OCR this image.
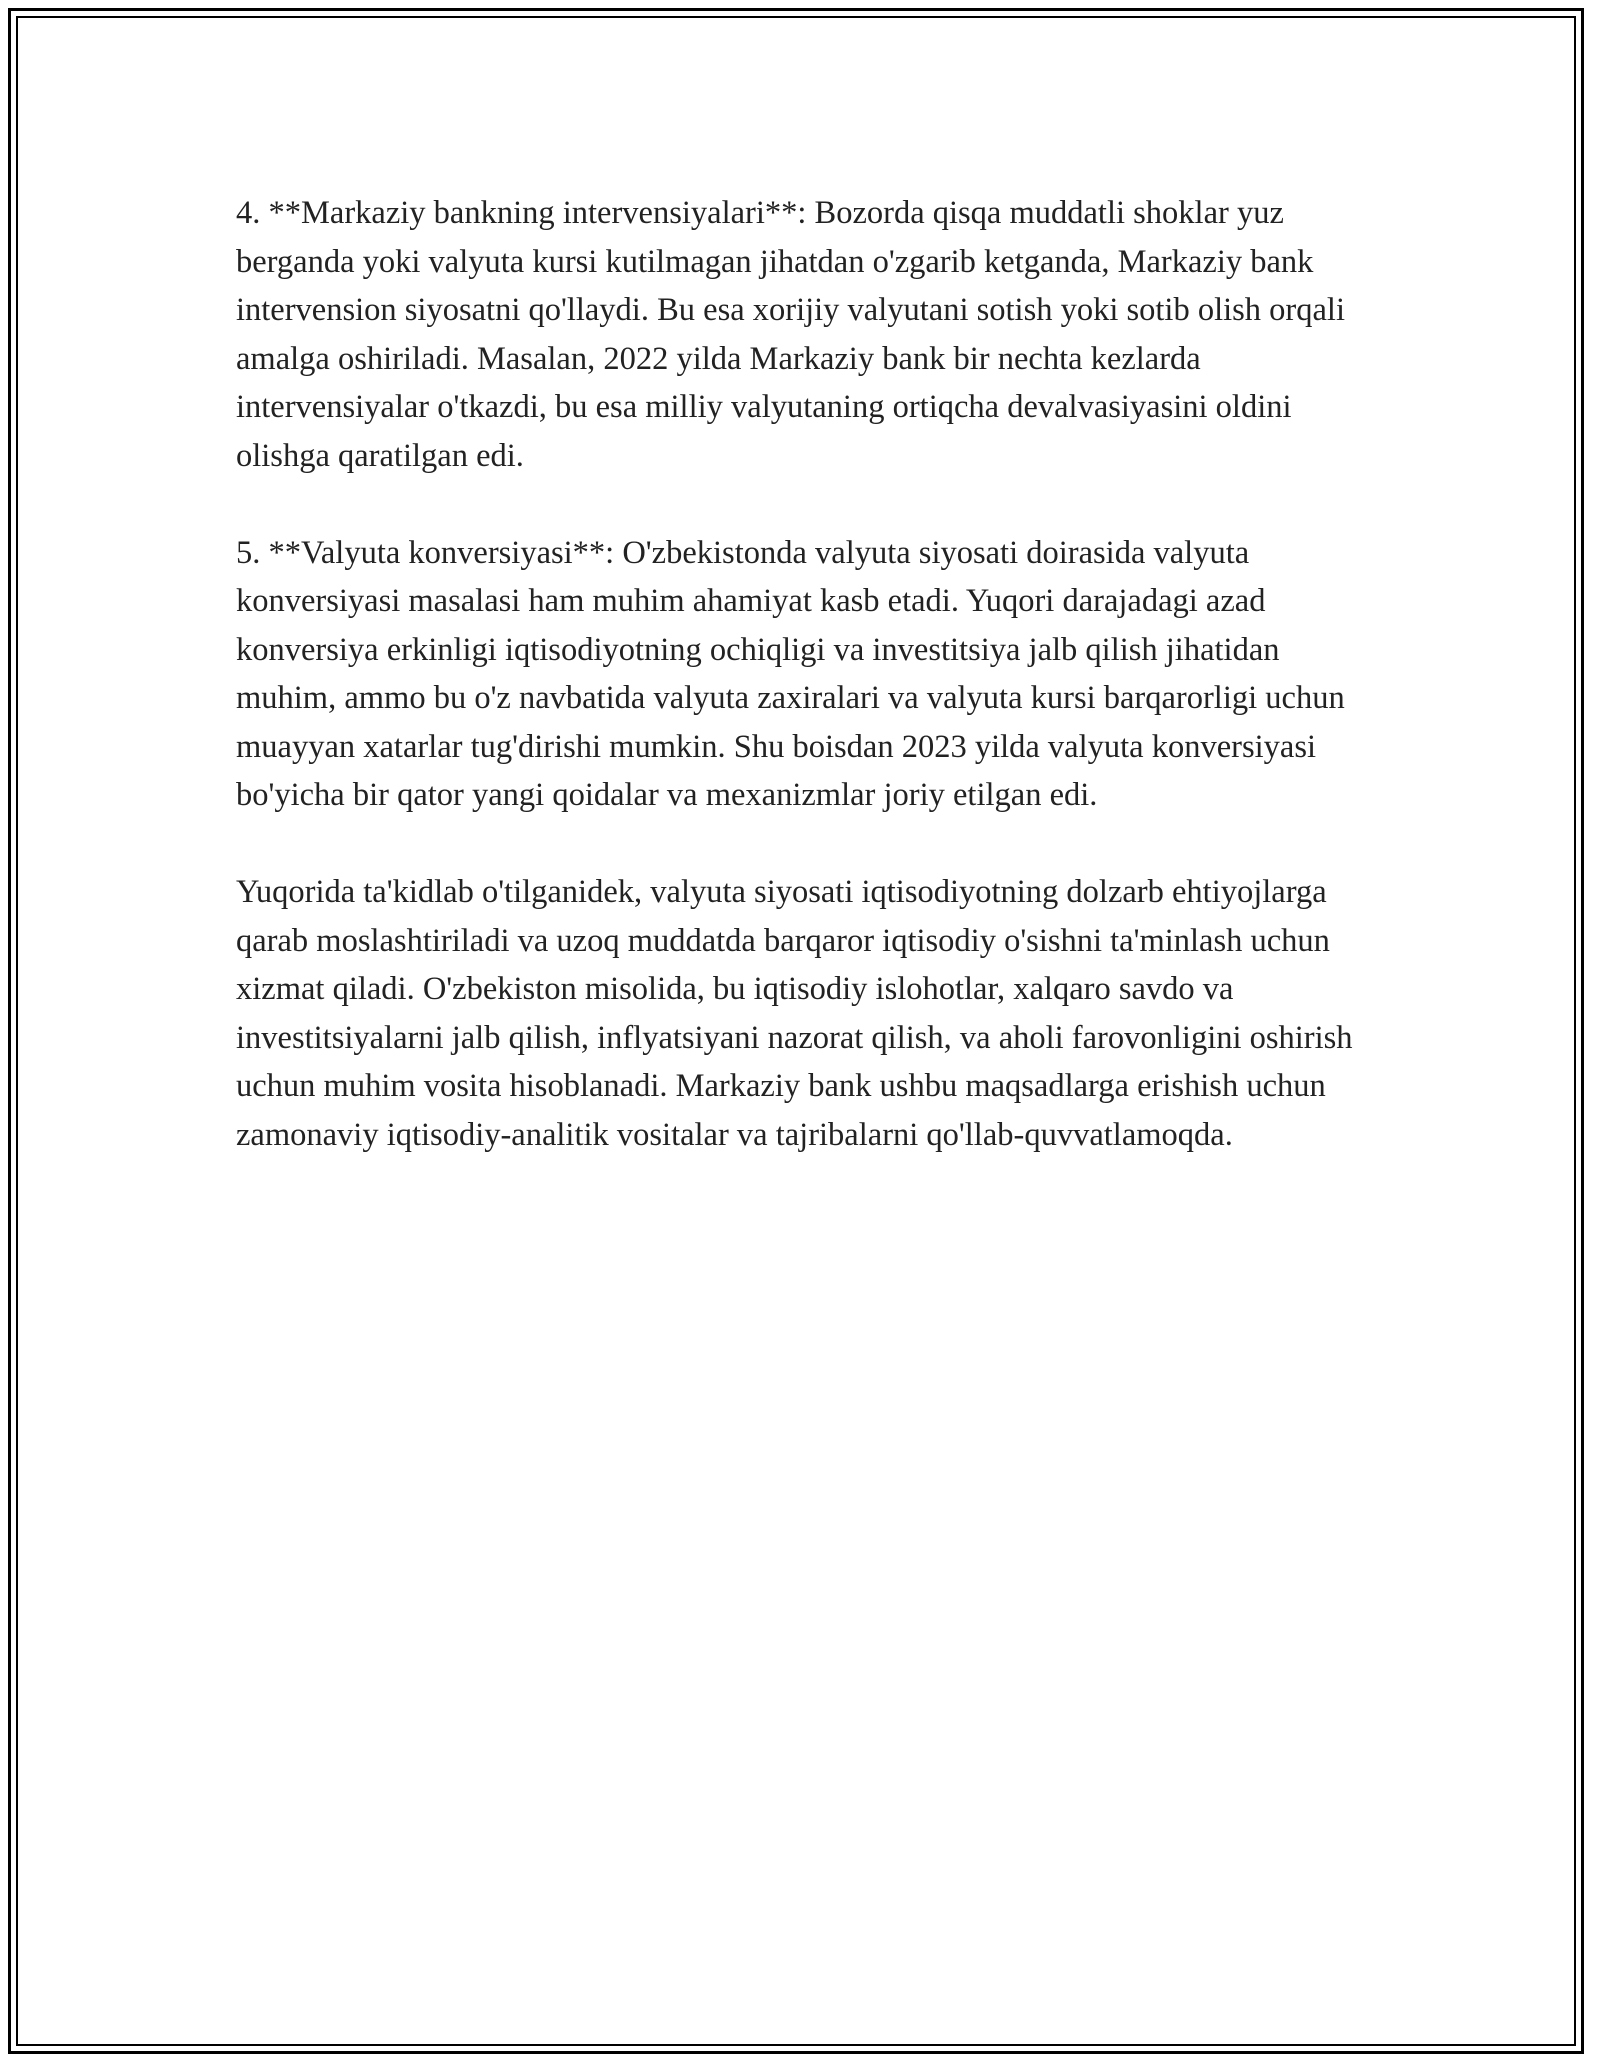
4. **Markaziy bankning intervensiyalari**: Bozorda qisqa muddatli shoklar yuz berganda yoki valyuta kursi kutilmagan jihatdan o'zgarib ketganda, Markaziy bank intervension siyosatni qo'llaydi. Bu esa xorijiy valyutani sotish yoki sotib olish orqali amalga oshiriladi. Masalan, 2022 yilda Markaziy bank bir nechta kezlarda intervensiyalar o'tkazdi, bu esa milliy valyutaning ortiqcha devalvasiyasini oldini olishga qaratilgan edi.

5. **Valyuta konversiyasi**: O'zbekistonda valyuta siyosati doirasida valyuta konversiyasi masalasi ham muhim ahamiyat kasb etadi. Yuqori darajadagi azad konversiya erkinligi iqtisodiyotning ochiqligi va investitsiya jalb qilish jihatidan muhim, ammo bu o'z navbatida valyuta zaxiralari va valyuta kursi barqarorligi uchun muayyan xatarlar tug'dirishi mumkin. Shu boisdan 2023 yilda valyuta konversiyasi bo'yicha bir qator yangi qoidalar va mexanizmlar joriy etilgan edi.

Yuqorida ta'kidlab o'tilganidek, valyuta siyosati iqtisodiyotning dolzarb ehtiyojlarga qarab moslashtiriladi va uzoq muddatda barqaror iqtisodiy o'sishni ta'minlash uchun xizmat qiladi. O'zbekiston misolida, bu iqtisodiy islohotlar, xalqaro savdo va investitsiyalarni jalb qilish, inflyatsiyani nazorat qilish, va aholi farovonligini oshirish uchun muhim vosita hisoblanadi. Markaziy bank ushbu maqsadlarga erishish uchun zamonaviy iqtisodiy-analitik vositalar va tajribalarni qo'llab-quvvatlamoqda.
